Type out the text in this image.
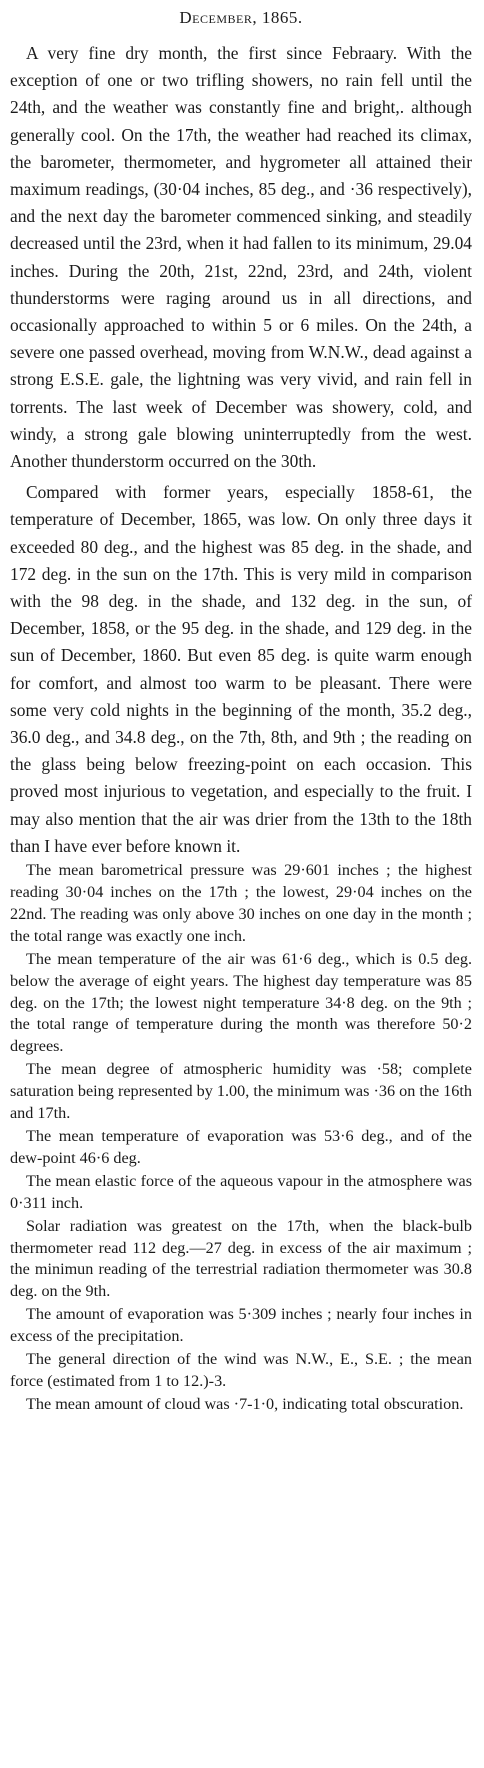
December, 1865.

A very fine dry month, the first since Febraary. With the exception of one or two trifling showers, no rain fell until the 24th, and the weather was constantly fine and bright,. although generally cool. On the 17th, the weather had reached its climax, the barometer, thermometer, and hygrometer all attained their maximum readings, (30·04 inches, 85 deg., and ·36 respectively), and the next day the barometer commenced sinking, and steadily decreased until the 23rd, when it had fallen to its minimum, 29.04 inches. During the 20th, 21st, 22nd, 23rd, and 24th, violent thunderstorms were raging around us in all directions, and occasionally approached to within 5 or 6 miles. On the 24th, a severe one passed overhead, moving from W.N.W., dead against a strong E.S.E. gale, the lightning was very vivid, and rain fell in torrents. The last week of December was showery, cold, and windy, a strong gale blowing uninterruptedly from the west. Another thunderstorm occurred on the 30th.

Compared with former years, especially 1858-61, the temperature of December, 1865, was low. On only three days it exceeded 80 deg., and the highest was 85 deg. in the shade, and 172 deg. in the sun on the 17th. This is very mild in comparison with the 98 deg. in the shade, and 132 deg. in the sun, of December, 1858, or the 95 deg. in the shade, and 129 deg. in the sun of December, 1860. But even 85 deg. is quite warm enough for comfort, and almost too warm to be pleasant. There were some very cold nights in the beginning of the month, 35.2 deg., 36.0 deg., and 34.8 deg., on the 7th, 8th, and 9th ; the reading on the glass being below freezing-point on each occasion. This proved most injurious to vegetation, and especially to the fruit. I may also mention that the air was drier from the 13th to the 18th than I have ever before known it.

The mean barometrical pressure was 29·601 inches ; the highest reading 30·04 inches on the 17th ; the lowest, 29·04 inches on the 22nd. The reading was only above 30 inches on one day in the month ; the total range was exactly one inch.

The mean temperature of the air was 61·6 deg., which is 0.5 deg. below the average of eight years. The highest day temperature was 85 deg. on the 17th; the lowest night temperature 34·8 deg. on the 9th ; the total range of temperature during the month was therefore 50·2 degrees.

The mean degree of atmospheric humidity was ·58; complete saturation being represented by 1.00, the minimum was ·36 on the 16th and 17th.

The mean temperature of evaporation was 53·6 deg., and of the dew-point 46·6 deg.

The mean elastic force of the aqueous vapour in the atmosphere was 0·311 inch.

Solar radiation was greatest on the 17th, when the black-bulb thermometer read 112 deg.—27 deg. in excess of the air maximum ; the minimun reading of the terrestrial radiation thermometer was 30.8 deg. on the 9th.

The amount of evaporation was 5·309 inches ; nearly four inches in excess of the precipitation.

The general direction of the wind was N.W., E., S.E. ; the mean force (estimated from 1 to 12.)-3.

The mean amount of cloud was ·7-1·0, indicating total obscuration.
